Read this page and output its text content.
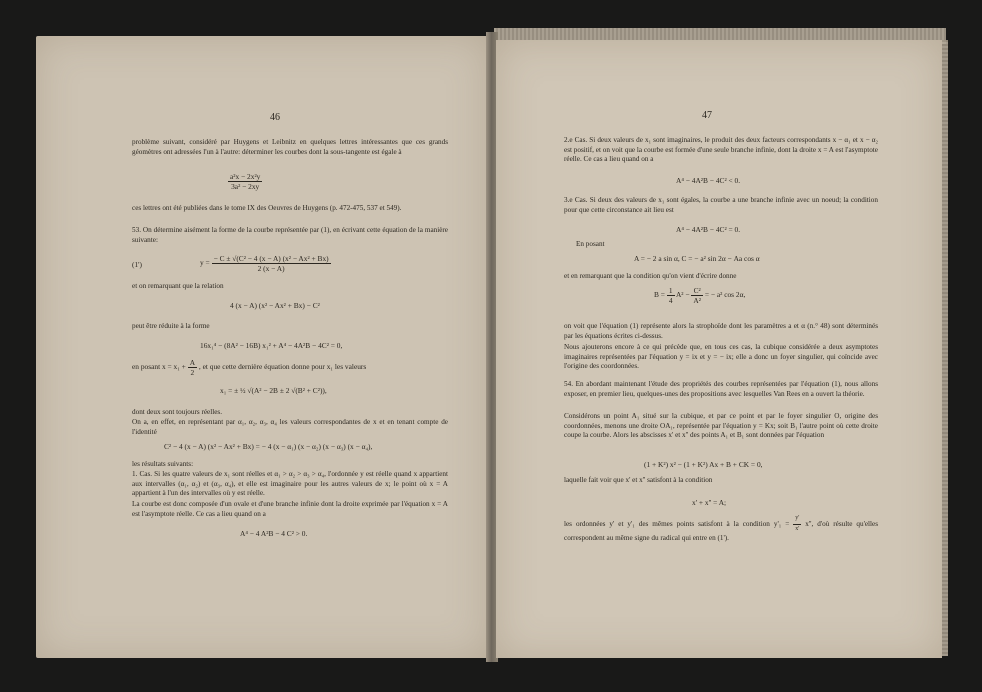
46

problème suivant, considéré par Huygens et Leibnitz en quelques lettres intéressantes que ces grands géomètres ont adressées l'un à l'autre: déterminer les courbes dont la sous-tangente est égale à

$\frac{\text{a²x − 2x²y}}{\text{3a² − 2xy}}$

ces lettres ont été publiées dans le tome IX des Oeuvres de Huygens (p. 472-475, 537 et 549).

53. On détermine aisément la forme de la courbe représentée par (1), en écrivant cette équation de la manière suivante:

(1')	$y = \frac{\text{− C ± √(C² − 4 (x − A) (x² − Ax² + Bx)}}{2 (x - A)}$

et on remarquant que la relation

4 (x − A) (x² − Ax² + Bx) − C²

peut être réduite à la forme

16x₁⁴ − (8A² − 16B) x₁² + A⁴ − 4A²B − 4C² = 0,
en posant $x = x_1 + \frac{A}{2}$ , et que cette dernière équation donne pour x₁ les valeurs
x₁ = ± ½ √(A² − 2B ± 2 √(B² + C²)),

dont deux sont toujours réelles.

On a, en effet, en représentant par α₁, α₂, α₃, α₄ les valeurs correspondantes de x et en tenant compte de l'identité

C² − 4 (x − A) (x² − Ax² + Bx) = − 4 (x − α₁) (x − α₂) (x − α₃) (x − α₄),

les résultats suivants:

1. Cas. Si les quatre valeurs de x₁ sont réelles et α₁ > α₂ > α₃ > α₄, l'ordonnée y est réelle quand x appartient aux intervalles (α₁, α₂) et (α₃, α₄), et elle est imaginaire pour les autres valeurs de x; le point où x = A appartient à l'un des intervalles où y est réelle.

La courbe est donc composée d'un ovale et d'une branche infinie dont la droite exprimée par l'équation x = A est l'asymptote réelle. Ce cas a lieu quand on a

A⁴ − 4 A²B − 4 C² > 0.
47

2.e Cas. Si deux valeurs de x₁ sont imaginaires, le produit des deux facteurs correspondants x − α₁ et x − α₂ est positif, et on voit que la courbe est formée d'une seule branche infinie, dont la droite x = A est l'asymptote réelle. Ce cas a lieu quand on a

A⁴ − 4A²B − 4C² < 0.

3.e Cas. Si deux des valeurs de x₁ sont égales, la courbe a une branche infinie avec un noeud; la condition pour que cette circonstance ait lieu est

A⁴ − 4A²B − 4C² = 0.

En posant

A = − 2 a sin α, C = − a² sin 2α − Aa cos α

et en remarquant que la condition qu'on vient d'écrire donne

$B = \frac{1}{4} A^2 - \frac{\text{C²}}{\text{A²}}$ = − a² cos 2α,

on voit que l'équation (1) représente alors la strophoïde dont les paramètres a et α (n.° 48) sont déterminés par les équations écrites ci-dessus.

Nous ajouterons encore à ce qui précède que, en tous ces cas, la cubique considérée a deux asymptotes imaginaires représentées par l'équation y = ix et y = − ix; elle a donc un foyer singulier, qui coïncide avec l'origine des coordonnées.

54. En abordant maintenant l'étude des propriétés des courbes représentées par l'équation (1), nous allons exposer, en premier lieu, quelques-unes des propositions avec lesquelles Van Rees en a ouvert la théorie.

Considérons un point A₁ situé sur la cubique, et par ce point et par le foyer singulier O, origine des coordonnées, menons une droite OA₁, représentée par l'équation y = Kx; soit B₁ l'autre point où cette droite coupe la courbe. Alors les abscisses x' et x'' des points A₁ et B₁ sont données par l'équation

(1 + K²) x² − (1 + K²) Ax + B + CK = 0,

laquelle fait voir que x' et x'' satisfont à la condition

x' + x'' = A;

les ordonnées y' et y'₁ des mêmes points satisfont à la condition $y'_1 = \frac{y'}{x'} x''$, d'où résulte qu'elles correspondent au même signe du radical qui entre en (1').
